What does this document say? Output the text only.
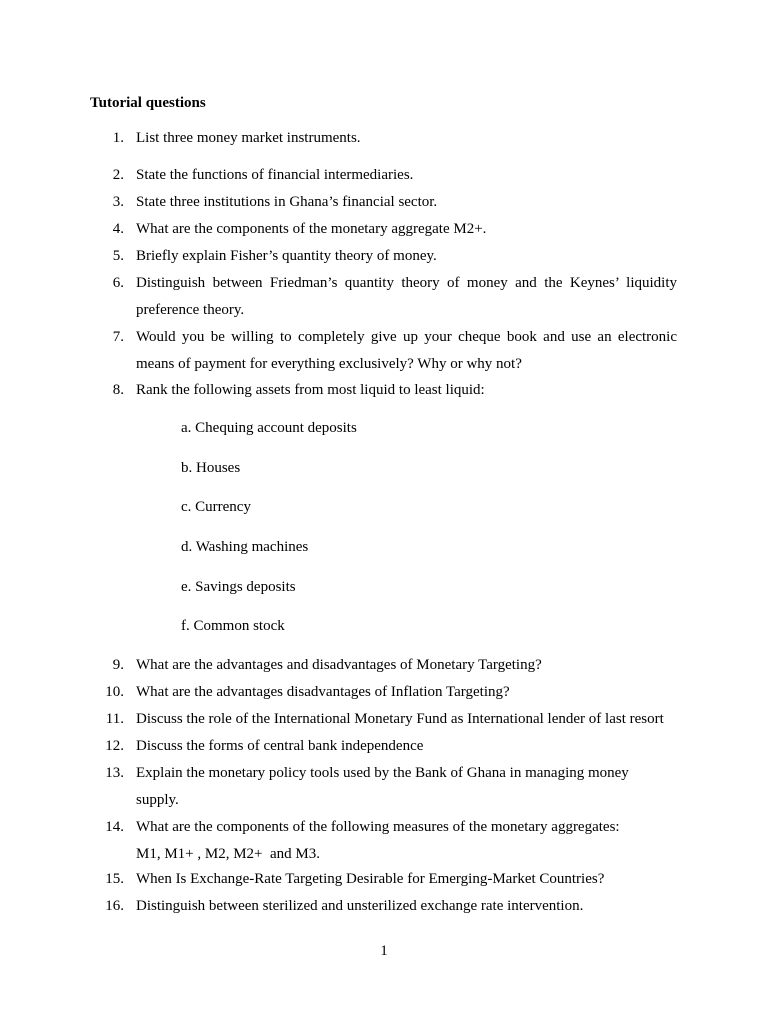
Tutorial questions
1. List three money market instruments.
2. State the functions of financial intermediaries.
3. State three institutions in Ghana’s financial sector.
4. What are the components of the monetary aggregate M2+.
5. Briefly explain Fisher’s quantity theory of money.
6. Distinguish between Friedman’s quantity theory of money and the Keynes’ liquidity preference theory.
7. Would you be willing to completely give up your cheque book and use an electronic means of payment for everything exclusively? Why or why not?
8. Rank the following assets from most liquid to least liquid:
a. Chequing account deposits
b. Houses
c. Currency
d. Washing machines
e. Savings deposits
f. Common stock
9. What are the advantages and disadvantages of Monetary Targeting?
10. What are the advantages disadvantages of Inflation Targeting?
11. Discuss the role of the International Monetary Fund as International lender of last resort
12. Discuss the forms of central bank independence
13. Explain the monetary policy tools used by the Bank of Ghana in managing money
supply.
14. What are the components of the following measures of the monetary aggregates:
M1, M1+ , M2, M2+  and M3.
15. When Is Exchange-Rate Targeting Desirable for Emerging-Market Countries?
16. Distinguish between sterilized and unsterilized exchange rate intervention.
1
